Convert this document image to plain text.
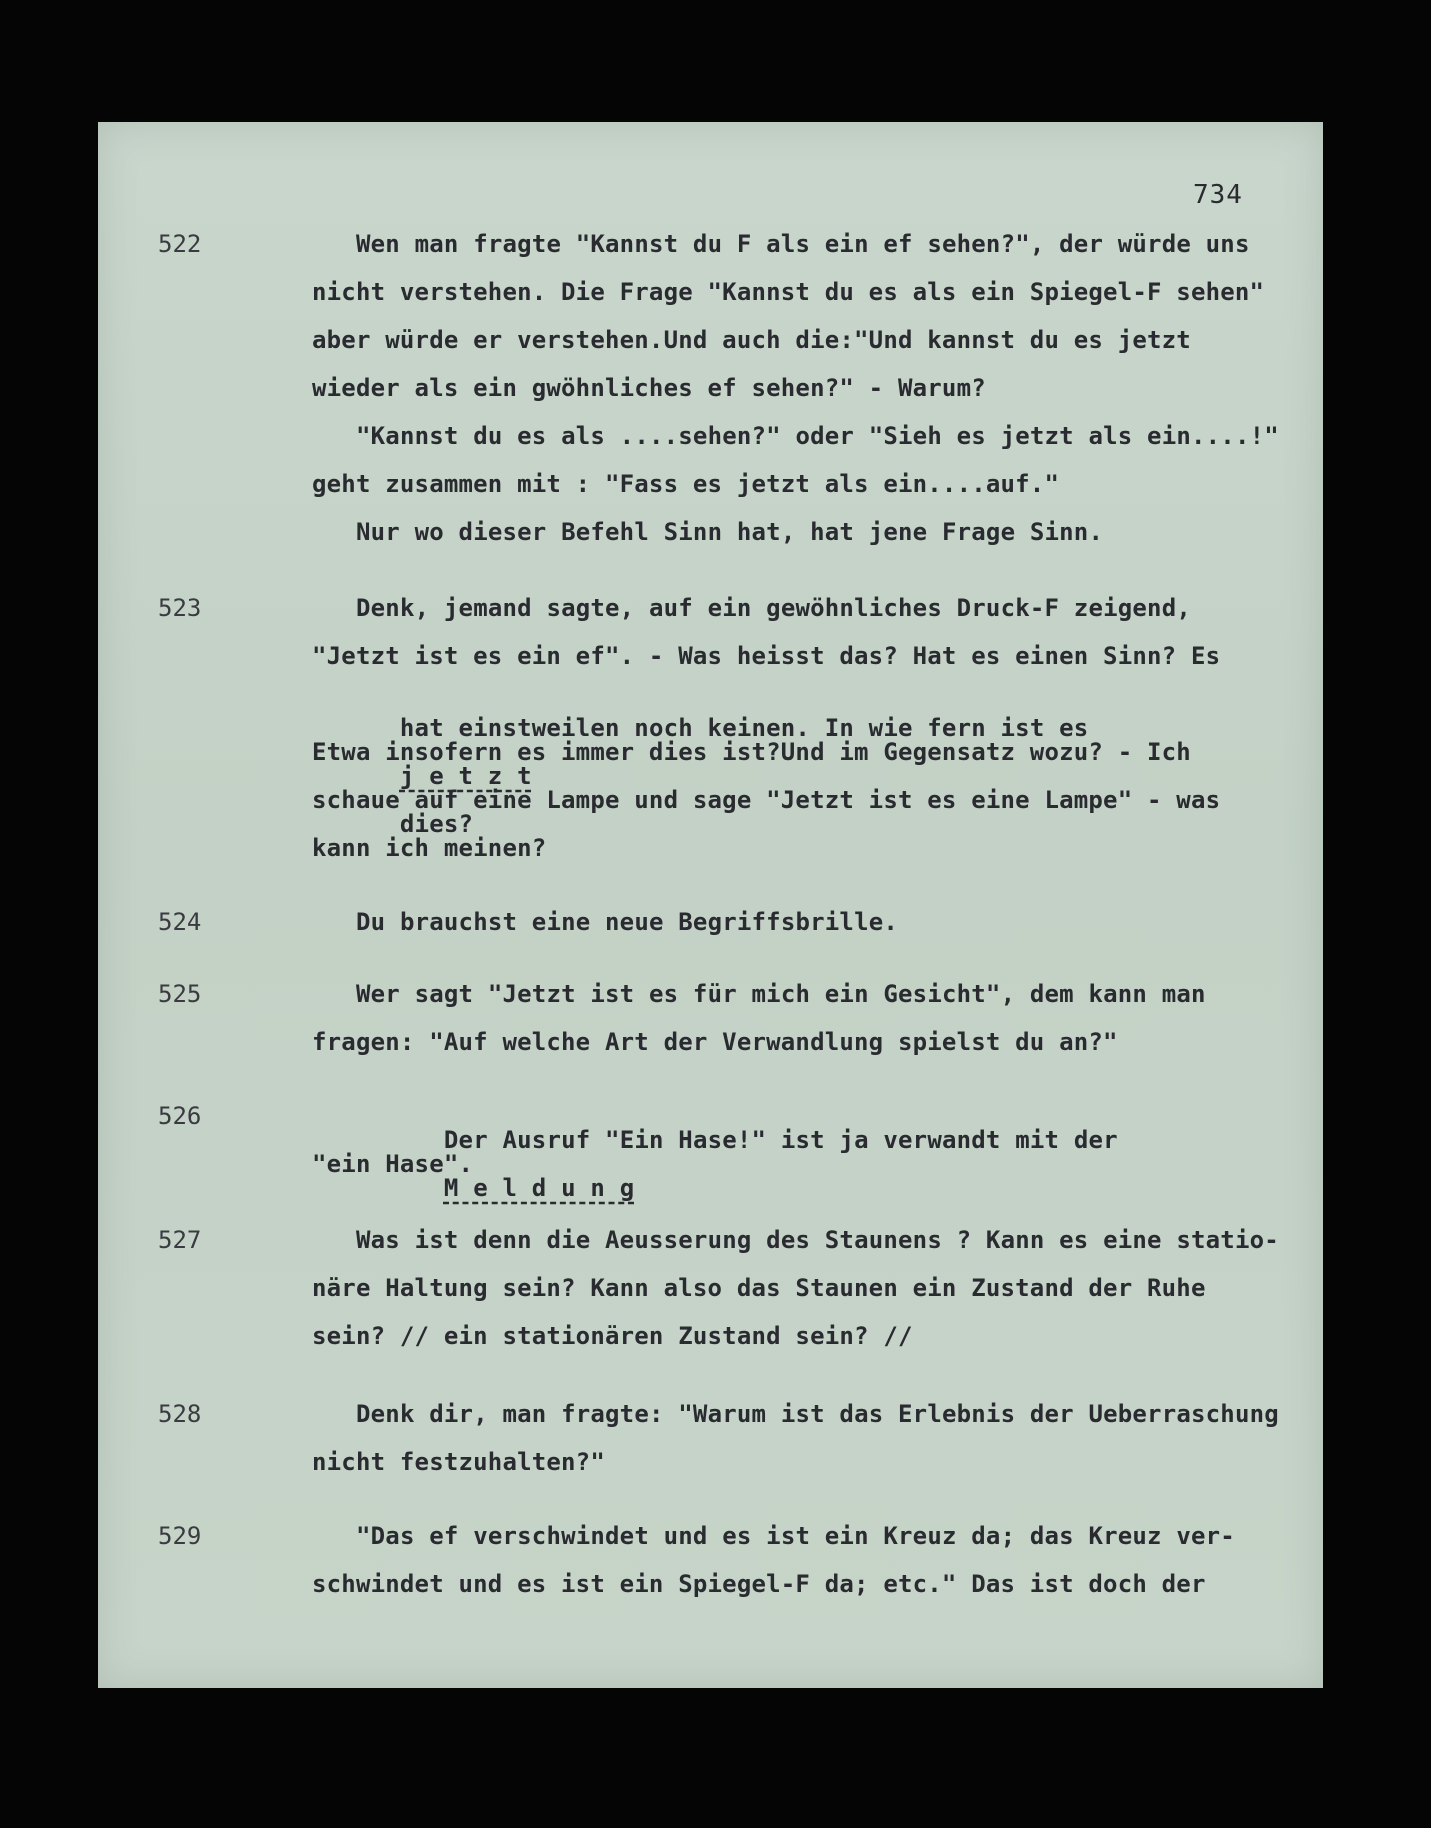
734
522	Wen man fragte "Kannst du F als ein ef sehen?", der würde uns
nicht verstehen. Die Frage "Kannst du es als ein Spiegel-F sehen"
aber würde er verstehen.Und auch die:"Und kannst du es jetzt
wieder als ein gwöhnliches ef sehen?" - Warum?
"Kannst du es als ....sehen?" oder "Sieh es jetzt als ein....!"
geht zusammen mit : "Fass es jetzt als ein....auf."
Nur wo dieser Befehl Sinn hat, hat jene Frage Sinn.
523	Denk, jemand sagte, auf ein gewöhnliches Druck-F zeigend,
"Jetzt ist es ein ef". - Was heisst das? Hat es einen Sinn? Es

hat einstweilen noch keinen. In wie fern ist es

j e t z t

dies?

Etwa insofern es immer dies ist?Und im Gegensatz wozu? - Ich
schaue auf eine Lampe und sage "Jetzt ist es eine Lampe" - was
kann ich meinen?
524	Du brauchst eine neue Begriffsbrille.
525	Wer sagt "Jetzt ist es für mich ein Gesicht", dem kann man
fragen: "Auf welche Art der Verwandlung spielst du an?"
526

Der Ausruf "Ein Hase!" ist ja verwandt mit der

M e l d u n g

"ein Hase".
527	Was ist denn die Aeusserung des Staunens ? Kann es eine statio-
näre Haltung sein? Kann also das Staunen ein Zustand der Ruhe
sein? // ein stationären Zustand sein? //
528	Denk dir, man fragte: "Warum ist das Erlebnis der Ueberraschung
nicht festzuhalten?"
529	"Das ef verschwindet und es ist ein Kreuz da; das Kreuz ver-
schwindet und es ist ein Spiegel-F da; etc." Das ist doch der
